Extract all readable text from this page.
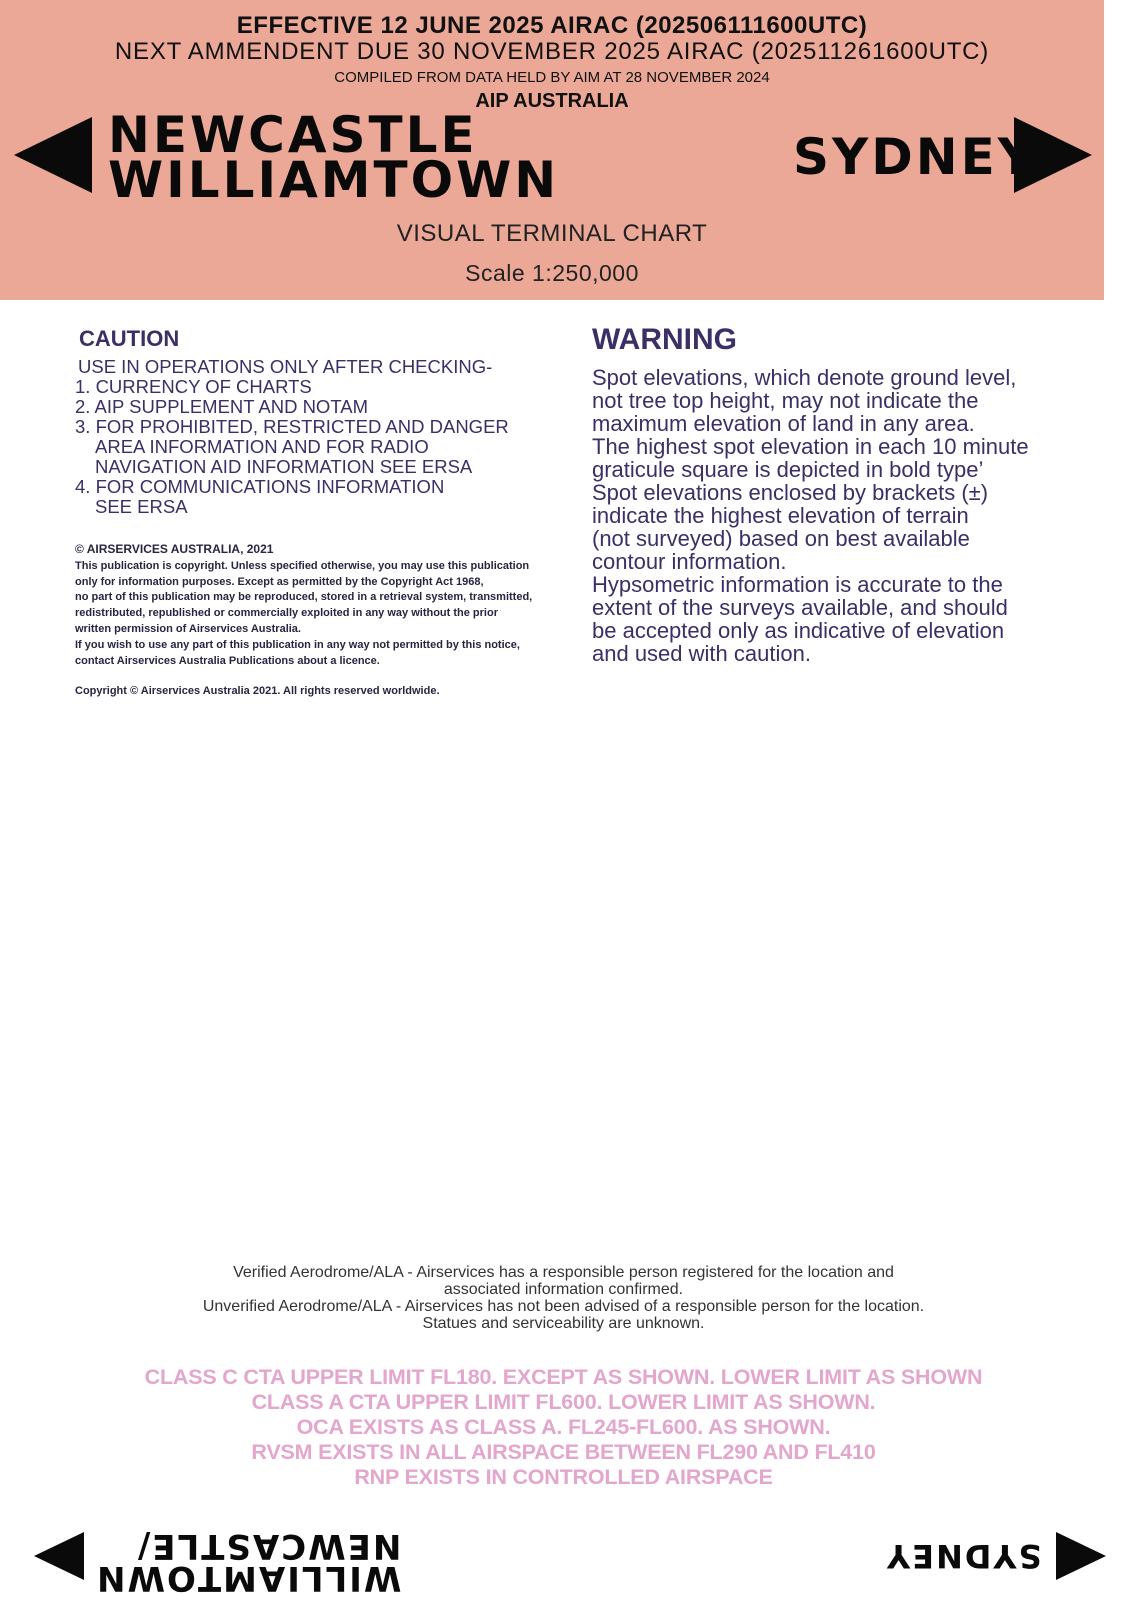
EFFECTIVE 12 JUNE 2025 AIRAC (202506111600UTC)
NEXT AMMENDENT DUE 30 NOVEMBER 2025 AIRAC (202511261600UTC)
COMPILED FROM DATA HELD BY AIM AT 28 NOVEMBER 2024
AIP AUSTRALIA
NEWCASTLE
WILLIAMTOWN	SYDNEY
VISUAL TERMINAL CHART
Scale 1:250,000
CAUTION
USE IN OPERATIONS ONLY AFTER CHECKING-
1. CURRENCY OF CHARTS
2. AIP SUPPLEMENT AND NOTAM
3. FOR PROHIBITED, RESTRICTED AND DANGER
AREA INFORMATION AND FOR RADIO
NAVIGATION AID INFORMATION SEE ERSA
4. FOR COMMUNICATIONS INFORMATION
SEE ERSA
© AIRSERVICES AUSTRALIA, 2021
This publication is copyright. Unless specified otherwise, you may use this publication
only for information purposes. Except as permitted by the Copyright Act 1968,
no part of this publication may be reproduced, stored in a retrieval system, transmitted,
redistributed, republished or commercially exploited in any way without the prior
written permission of Airservices Australia.
If you wish to use any part of this publication in any way not permitted by this notice,
contact Airservices Australia Publications about a licence.
Copyright © Airservices Australia 2021. All rights reserved worldwide.
WARNING
Spot elevations, which denote ground level,
not tree top height, may not indicate the
maximum elevation of land in any area.
The highest spot elevation in each 10 minute
graticule square is depicted in bold type’
Spot elevations enclosed by brackets (±)
indicate the highest elevation of terrain
(not surveyed) based on best available
contour information.
Hypsometric information is accurate to the
extent of the surveys available, and should
be accepted only as indicative of elevation
and used with caution.
Verified Aerodrome/ALA - Airservices has a responsible person registered for the location and
associated information confirmed.
Unverified Aerodrome/ALA - Airservices has not been advised of a responsible person for the location.
Statues and serviceability are unknown.
CLASS C CTA UPPER LIMIT FL180. EXCEPT AS SHOWN. LOWER LIMIT AS SHOWN
CLASS A CTA UPPER LIMIT FL600. LOWER LIMIT AS SHOWN.
OCA EXISTS AS CLASS A. FL245-FL600. AS SHOWN.
RVSM EXISTS IN ALL AIRSPACE BETWEEN FL290 AND FL410
RNP EXISTS IN CONTROLLED AIRSPACE
WILLIAMTOWN
NEWCASTLE/	SYDNEY
